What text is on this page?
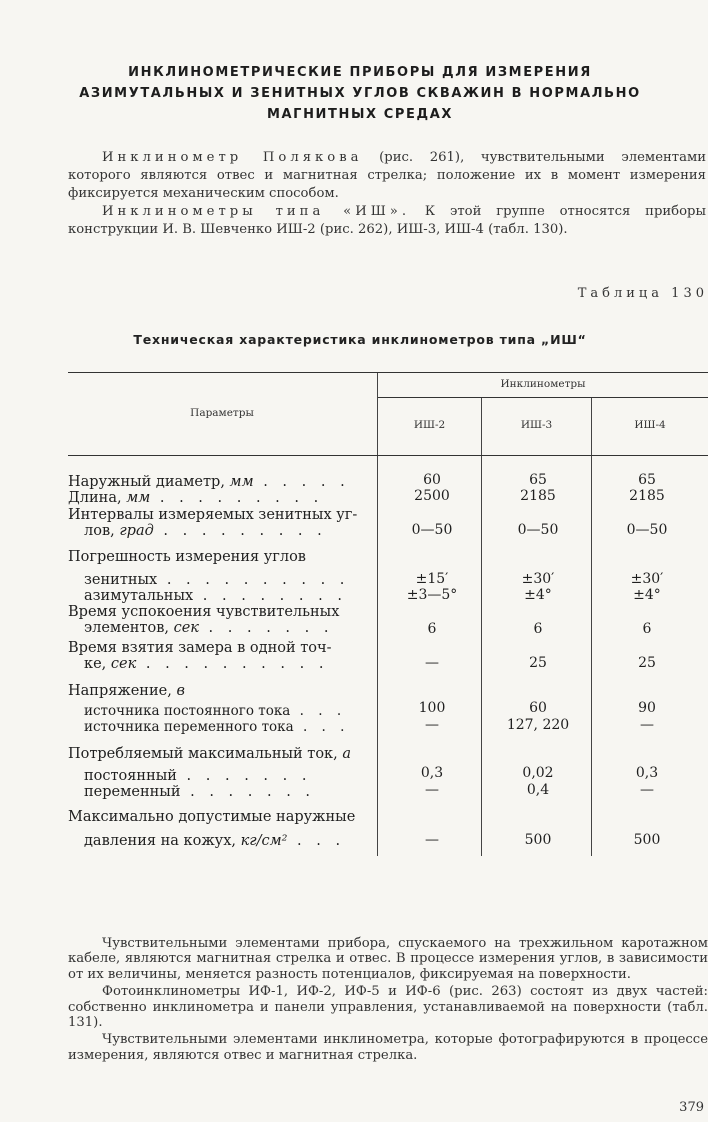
ИНКЛИНОМЕТРИЧЕСКИЕ ПРИБОРЫ ДЛЯ ИЗМЕРЕНИЯ
АЗИМУТАЛЬНЫХ И ЗЕНИТНЫХ УГЛОВ СКВАЖИН В НОРМАЛЬНО
МАГНИТНЫХ СРЕДАХ

Инклинометр Полякова (рис. 261), чувствительными элементами которого являются отвес и магнитная стрелка; положение их в момент измерения фиксируется механическим способом.

Инклинометры типа «ИШ». К этой группе относятся приборы конструкции И. В. Шевченко ИШ-2 (рис. 262), ИШ-3, ИШ-4 (табл. 130).

Таблица 130
Техническая характеристика инклинометров типа „ИШ“
Параметры
Инклинометры
ИШ-2	ИШ-3	ИШ-4
Наружный диаметр, мм . . . . .	60	65	65
Длина, мм . . . . . . . . .	2500	2185	2185
Интервалы измеряемых зенитных уг-
лов, град . . . . . . . . .	0—50	0—50	0—50
Погрешность измерения углов
зенитных . . . . . . . . . .	±15′	±30′	±30′
азимутальных . . . . . . . .	±3—5°	±4°	±4°
Время успокоения чувствительных
элементов, сек . . . . . . .	6	6	6
Время взятия замера в одной точ-
ке, сек . . . . . . . . . .	—	25	25
Напряжение, в
источника постоянного тока . . .	100	60	90
источника переменного тока . . .	—	127, 220	—
Потребляемый максимальный ток, а
постоянный . . . . . . .	0,3	0,02	0,3
переменный . . . . . . .	—	0,4	—
Максимально допустимые наружные
давления на кожух, кг/см² . . .	—	500	500

Чувствительными элементами прибора, спускаемого на трехжильном каротажном кабеле, являются магнитная стрелка и отвес. В процессе измерения углов, в зависимости от их величины, меняется разность потенциалов, фиксируемая на поверхности.

Фотоинклинометры ИФ-1, ИФ-2, ИФ-5 и ИФ-6 (рис. 263) состоят из двух частей: собственно инклинометра и панели управления, устанавливаемой на поверхности (табл. 131).

Чувствительными элементами инклинометра, которые фотографируются в процессе измерения, являются отвес и магнитная стрелка.

379
